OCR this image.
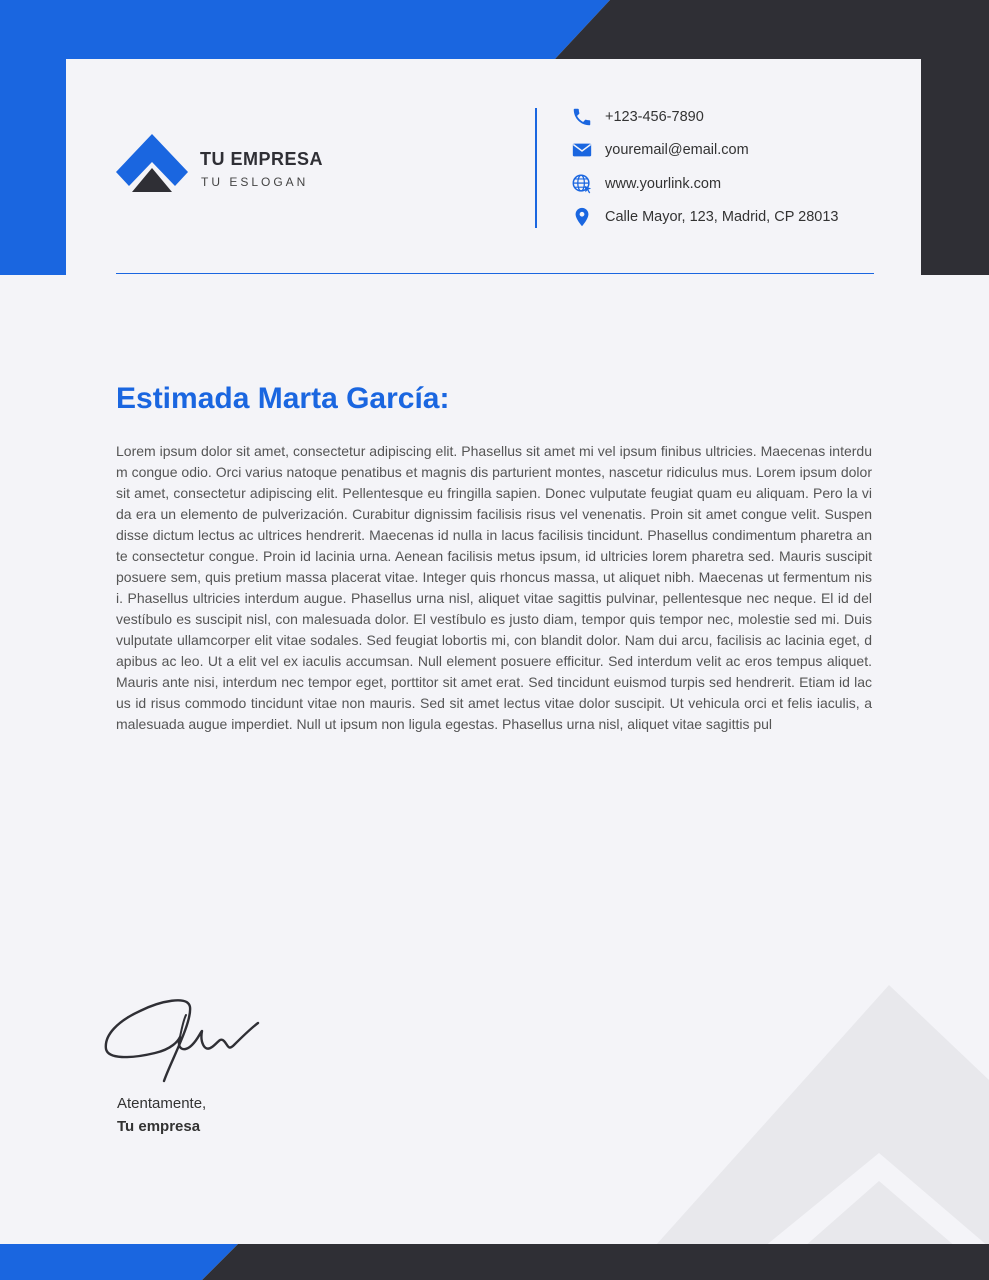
TU EMPRESA
TU ESLOGAN
+123-456-7890
youremail@email.com
www.yourlink.com
Calle Mayor, 123, Madrid, CP 28013
Estimada Marta García:
Lorem ipsum dolor sit amet, consectetur adipiscing elit. Phasellus sit amet mi vel ipsum finibus ultricies. Maecenas interdum congue odio. Orci varius natoque penatibus et magnis dis parturient montes, nascetur ridiculus mus. Lorem ipsum dolor sit amet, consectetur adipiscing elit. Pellentesque eu fringilla sapien. Donec vulputate feugiat quam eu aliquam. Pero la vida era un elemento de pulverización. Curabitur dignissim facilisis risus vel venenatis. Proin sit amet congue velit. Suspendisse dictum lectus ac ultrices hendrerit. Maecenas id nulla in lacus facilisis tincidunt. Phasellus condimentum pharetra ante consectetur congue. Proin id lacinia urna. Aenean facilisis metus ipsum, id ultricies lorem pharetra sed. Mauris suscipit posuere sem, quis pretium massa placerat vitae. Integer quis rhoncus massa, ut aliquet nibh. Maecenas ut fermentum nisi. Phasellus ultricies interdum augue. Phasellus urna nisl, aliquet vitae sagittis pulvinar, pellentesque nec neque. El id del vestíbulo es suscipit nisl, con malesuada dolor. El vestíbulo es justo diam, tempor quis tempor nec, molestie sed mi. Duis vulputate ullamcorper elit vitae sodales. Sed feugiat lobortis mi, con blandit dolor. Nam dui arcu, facilisis ac lacinia eget, dapibus ac leo. Ut a elit vel ex iaculis accumsan. Null element posuere efficitur. Sed interdum velit ac eros tempus aliquet. Mauris ante nisi, interdum nec tempor eget, porttitor sit amet erat. Sed tincidunt euismod turpis sed hendrerit. Etiam id lacus id risus commodo tincidunt vitae non mauris. Sed sit amet lectus vitae dolor suscipit. Ut vehicula orci et felis iaculis, a malesuada augue imperdiet. Null ut ipsum non ligula egestas. Phasellus urna nisl, aliquet vitae sagittis pul
Atentamente,
Tu empresa
